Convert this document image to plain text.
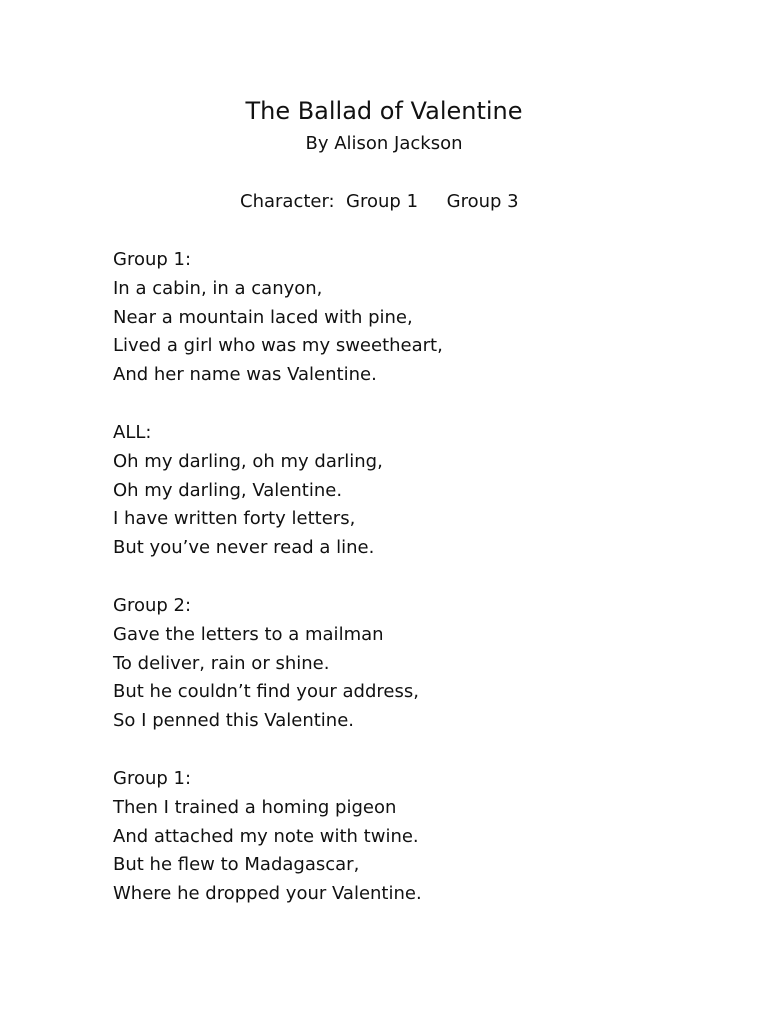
The Ballad of Valentine
By Alison Jackson
Character:  Group 1     Group 3
Group 1:
In a cabin, in a canyon,
Near a mountain laced with pine,
Lived a girl who was my sweetheart,
And her name was Valentine.
ALL:
Oh my darling, oh my darling,
Oh my darling, Valentine.
I have written forty letters,
But you’ve never read a line.
Group 2:
Gave the letters to a mailman
To deliver, rain or shine.
But he couldn’t find your address,
So I penned this Valentine.
Group 1:
Then I trained a homing pigeon
And attached my note with twine.
But he flew to Madagascar,
Where he dropped your Valentine.
